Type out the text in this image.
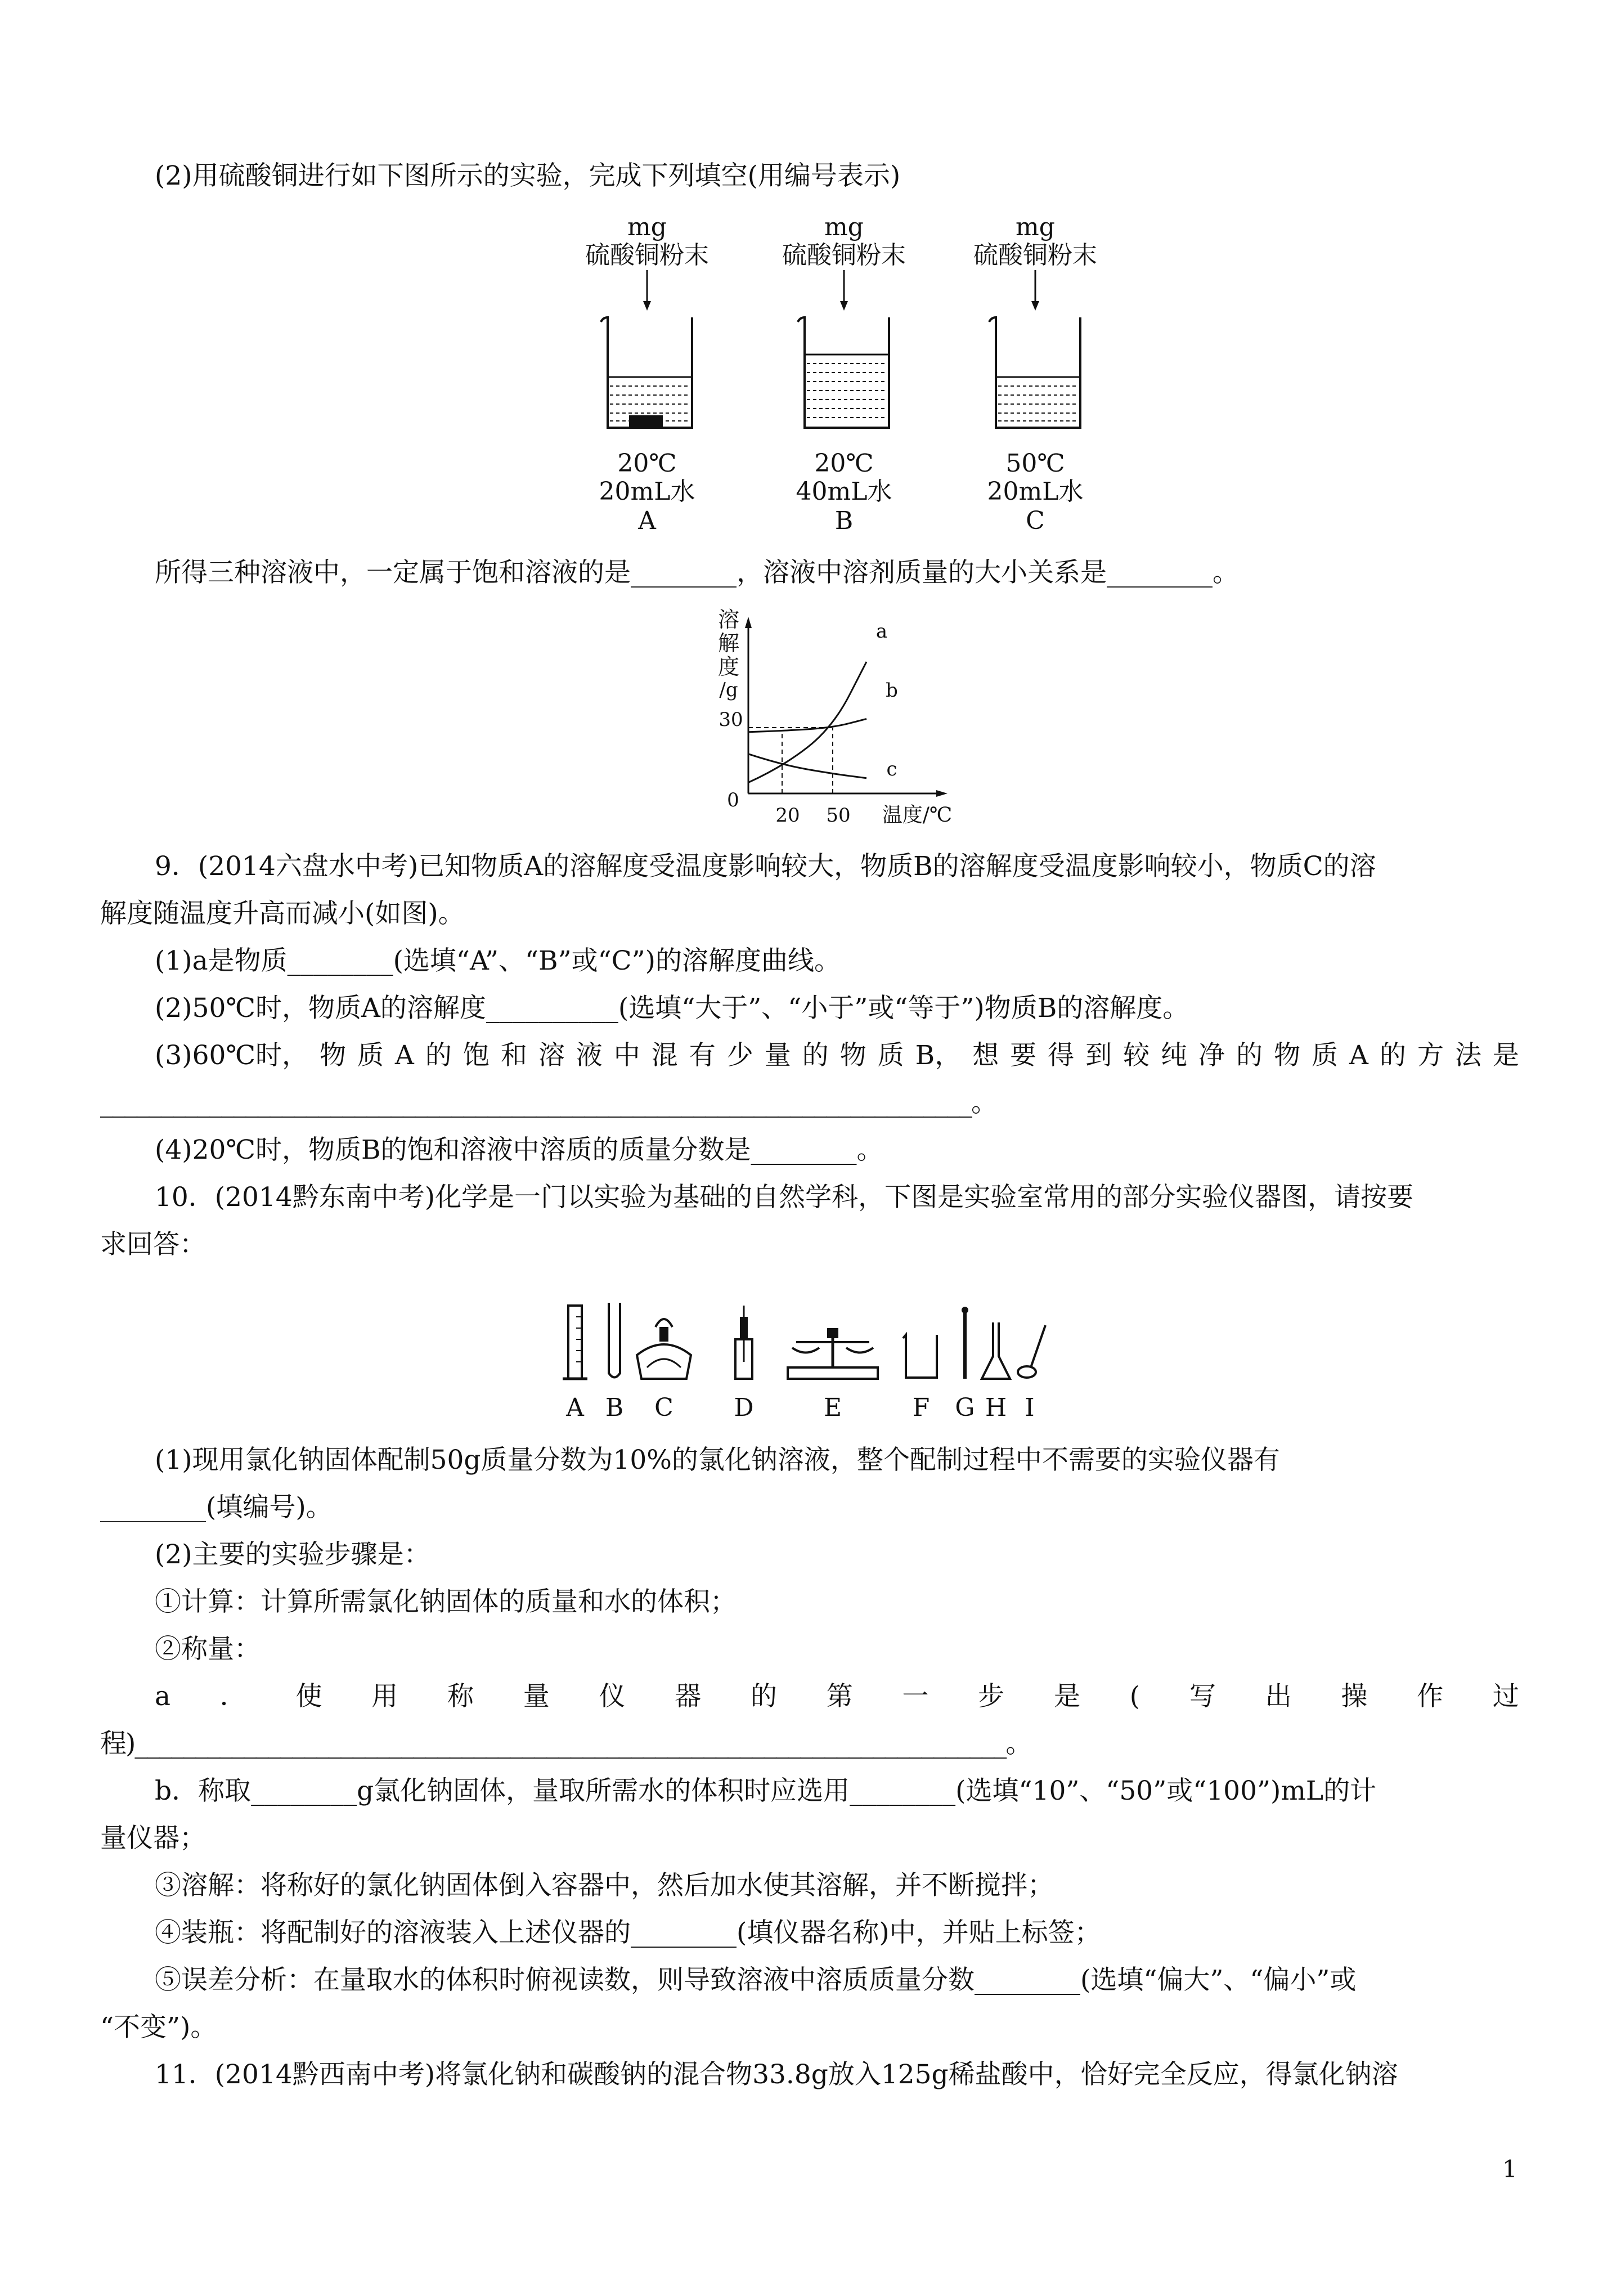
(2)用硫酸铜进行如下图所示的实验，完成下列填空(用编号表示)
mg
硫酸铜粉末
20℃
20mL水
A
mg
硫酸铜粉末
20℃
40mL水
B
mg
硫酸铜粉末
50℃
20mL水
C
所得三种溶液中，一定属于饱和溶液的是________，溶液中溶剂质量的大小关系是________。
溶
解
度
/g
0
30
20 50	温度/℃
a
b
c
9．(2014六盘水中考)已知物质A的溶解度受温度影响较大，物质B的溶解度受温度影响较小，物质C的溶
解度随温度升高而减小(如图)。
(1)a是物质________(选填“A”、“B”或“C”)的溶解度曲线。
(2)50℃时，物质A的溶解度__________(选填“大于”、“小于”或“等于”)物质B的溶解度。
(3)60℃时， 物 质 A 的 饱 和 溶 液 中 混 有 少 量 的 物 质 B， 想 要 得 到 较 纯 净 的 物 质 A 的 方 法 是
________________________________________________________________________。
(4)20℃时，物质B的饱和溶液中溶质的质量分数是________。
10．(2014黔东南中考)化学是一门以实验为基础的自然学科，下图是实验室常用的部分实验仪器图，请按要
求回答：
A B C D	E	F G H I
(1)现用氯化钠固体配制50g质量分数为10%的氯化钠溶液，整个配制过程中不需要的实验仪器有
________(填编号)。
(2)主要的实验步骤是：
①计算：计算所需氯化钠固体的质量和水的体积；
②称量：
a ． 使 用 称 量 仪 器 的 第 一 步 是 ( 写 出 操 作 过
程)________________________________________________________________________。
b．称取________g氯化钠固体，量取所需水的体积时应选用________(选填“10”、“50”或“100”)mL的计
量仪器；
③溶解：将称好的氯化钠固体倒入容器中，然后加水使其溶解，并不断搅拌；
④装瓶：将配制好的溶液装入上述仪器的________(填仪器名称)中，并贴上标签；
⑤误差分析：在量取水的体积时俯视读数，则导致溶液中溶质质量分数________(选填“偏大”、“偏小”或
“不变”)。
11．(2014黔西南中考)将氯化钠和碳酸钠的混合物33.8g放入125g稀盐酸中，恰好完全反应，得氯化钠溶
1
